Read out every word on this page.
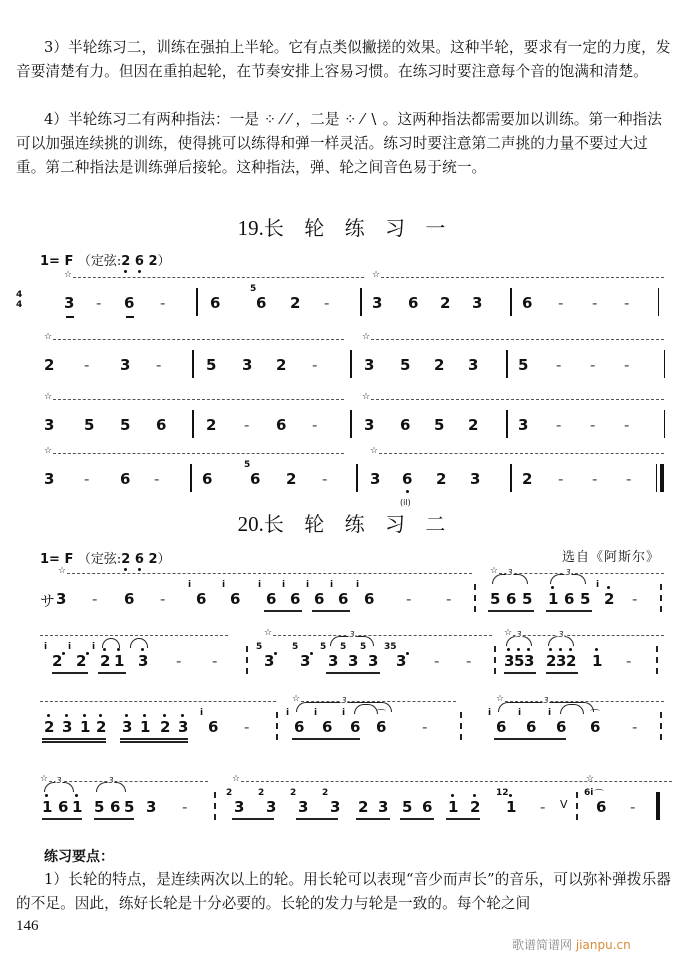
3）半轮练习二，训练在强拍上半轮。它有点类似撇搓的效果。这种半轮，要求有一定的力度，发音要清楚有力。但因在重拍起轮，在节奏安排上容易习惯。在练习时要注意每个音的饱满和清楚。
4）半轮练习二有两种指法：一是 ⁘ ⁄ ⁄ ，二是 ⁘ ⁄ ∖ 。这两种指法都需要加以训练。第一种指法可以加强连续挑的训练，使得挑可以练得和弹一样灵活。练习时要注意第二声挑的力量不要过大过重。第二种指法是训练弹后接轮。这种指法，弹、轮之间音色易于统一。
19.长 轮 练 习 一
1= F （定弦:2 6 2）
☆	☆
4
4	3 - 6 -	6
5
6 2 -	3 6 2 3	6 - - -
☆	☆
2 - 3 -	5 3 2 -	3 5 2 3	5 - - -
☆	☆
3 5 5 6	2 - 6 -	3 6 5 2	3 - - -
☆	☆
3 - 6 -	6
5
6 2 -	3 6 2 3	2 - - -
(il)
20.长 轮 练 习 二
1= F （定弦:2 6 2）	选自《阿斯尔》
☆	☆
サ 3 - 6 -
i
6
i
6
i
6
i
6
i
6
i
6
i
6 - -
3
5 6 5
3
1 6 5
i
2 -
☆	☆
i
2
i
2
i
2 1 3 - -
5
3
5
3
5
3
3
5
3
5
3
35
3 - -
3
3 5 3
3
2 3 2 1 -
☆	☆
2 3 1 2 3 1 2 3
i
6 -
3
i
6
i
6
i
6
⌒
6 -
3
i
6
i
6
i
6
⌒
6 -
☆	☆	☆
3
1 6 1
3
5 6 5 3 -
2
3
2
3
2
3
2
3 2 3 5 6 1 2
12
1 - V
6i ⌒
6 -
练习要点：
1）长轮的特点，是连续两次以上的轮。用长轮可以表现“音少而声长”的音乐，可以弥补弹拨乐器的不足。因此，练好长轮是十分必要的。长轮的发力与轮是一致的。每个轮之间
146
歌谱简谱网 jianpu.cn
